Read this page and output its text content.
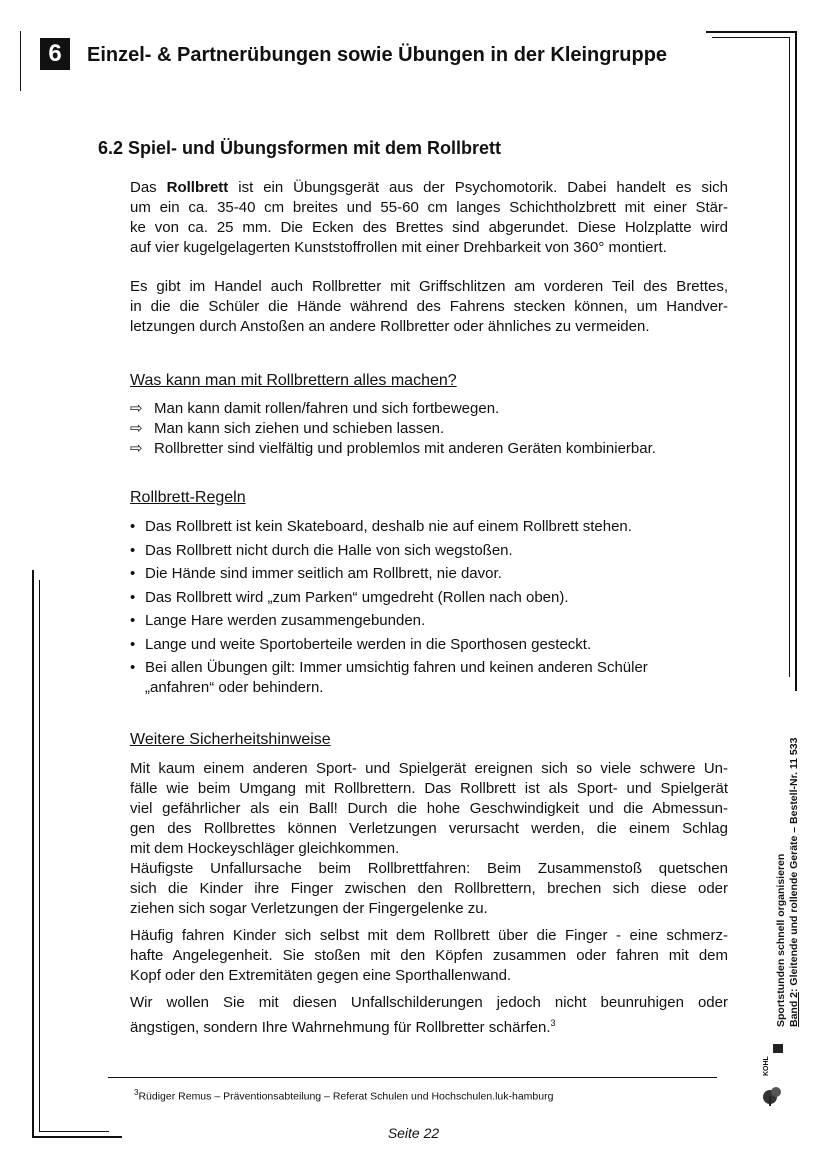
6	Einzel- & Partnerübungen sowie Übungen in der Kleingruppe
6.2 Spiel- und Übungsformen mit dem Rollbrett
Das Rollbrett ist ein Übungsgerät aus der Psychomotorik. Dabei handelt es sich
um ein ca. 35-40 cm breites und 55-60 cm langes Schichtholzbrett mit einer Stär-
ke von ca. 25 mm. Die Ecken des Brettes sind abgerundet. Diese Holzplatte wird
auf vier kugelgelagerten Kunststoffrollen mit einer Drehbarkeit von 360° montiert.
Es gibt im Handel auch Rollbretter mit Griffschlitzen am vorderen Teil des Brettes,
in die die Schüler die Hände während des Fahrens stecken können, um Handver-
letzungen durch Anstoßen an andere Rollbretter oder ähnliches zu vermeiden.
Was kann man mit Rollbrettern alles machen?
⇨ Man kann damit rollen/fahren und sich fortbewegen.
⇨ Man kann sich ziehen und schieben lassen.
⇨ Rollbretter sind vielfältig und problemlos mit anderen Geräten kombinierbar.
Rollbrett-Regeln
• Das Rollbrett ist kein Skateboard, deshalb nie auf einem Rollbrett stehen.
• Das Rollbrett nicht durch die Halle von sich wegstoßen.
• Die Hände sind immer seitlich am Rollbrett, nie davor.
• Das Rollbrett wird „zum Parken“ umgedreht (Rollen nach oben).
• Lange Hare werden zusammengebunden.
• Lange und weite Sportoberteile werden in die Sporthosen gesteckt.
• Bei allen Übungen gilt: Immer umsichtig fahren und keinen anderen Schüler „anfahren“ oder behindern.
Weitere Sicherheitshinweise
Mit kaum einem anderen Sport- und Spielgerät ereignen sich so viele schwere Un-
fälle wie beim Umgang mit Rollbrettern. Das Rollbrett ist als Sport- und Spielgerät
viel gefährlicher als ein Ball! Durch die hohe Geschwindigkeit und die Abmessun-
gen des Rollbrettes können Verletzungen verursacht werden, die einem Schlag
mit dem Hockeyschläger gleichkommen.
Häufigste Unfallursache beim Rollbrettfahren: Beim Zusammenstoß quetschen
sich die Kinder ihre Finger zwischen den Rollbrettern, brechen sich diese oder
ziehen sich sogar Verletzungen der Fingergelenke zu.
Häufig fahren Kinder sich selbst mit dem Rollbrett über die Finger - eine schmerz-
hafte Angelegenheit. Sie stoßen mit den Köpfen zusammen oder fahren mit dem
Kopf oder den Extremitäten gegen eine Sporthallenwand.
Wir wollen Sie mit diesen Unfallschilderungen jedoch nicht beunruhigen oder
ängstigen, sondern Ihre Wahrnehmung für Rollbretter schärfen.$^3$
$^3$Rüdiger Remus – Präventionsabteilung – Referat Schulen und Hochschulen.luk-hamburg
Seite 22
Sportstunden schnell organisieren Band 2: Gleitende und rollende Geräte – Bestell-Nr. 11 533
KOHL
